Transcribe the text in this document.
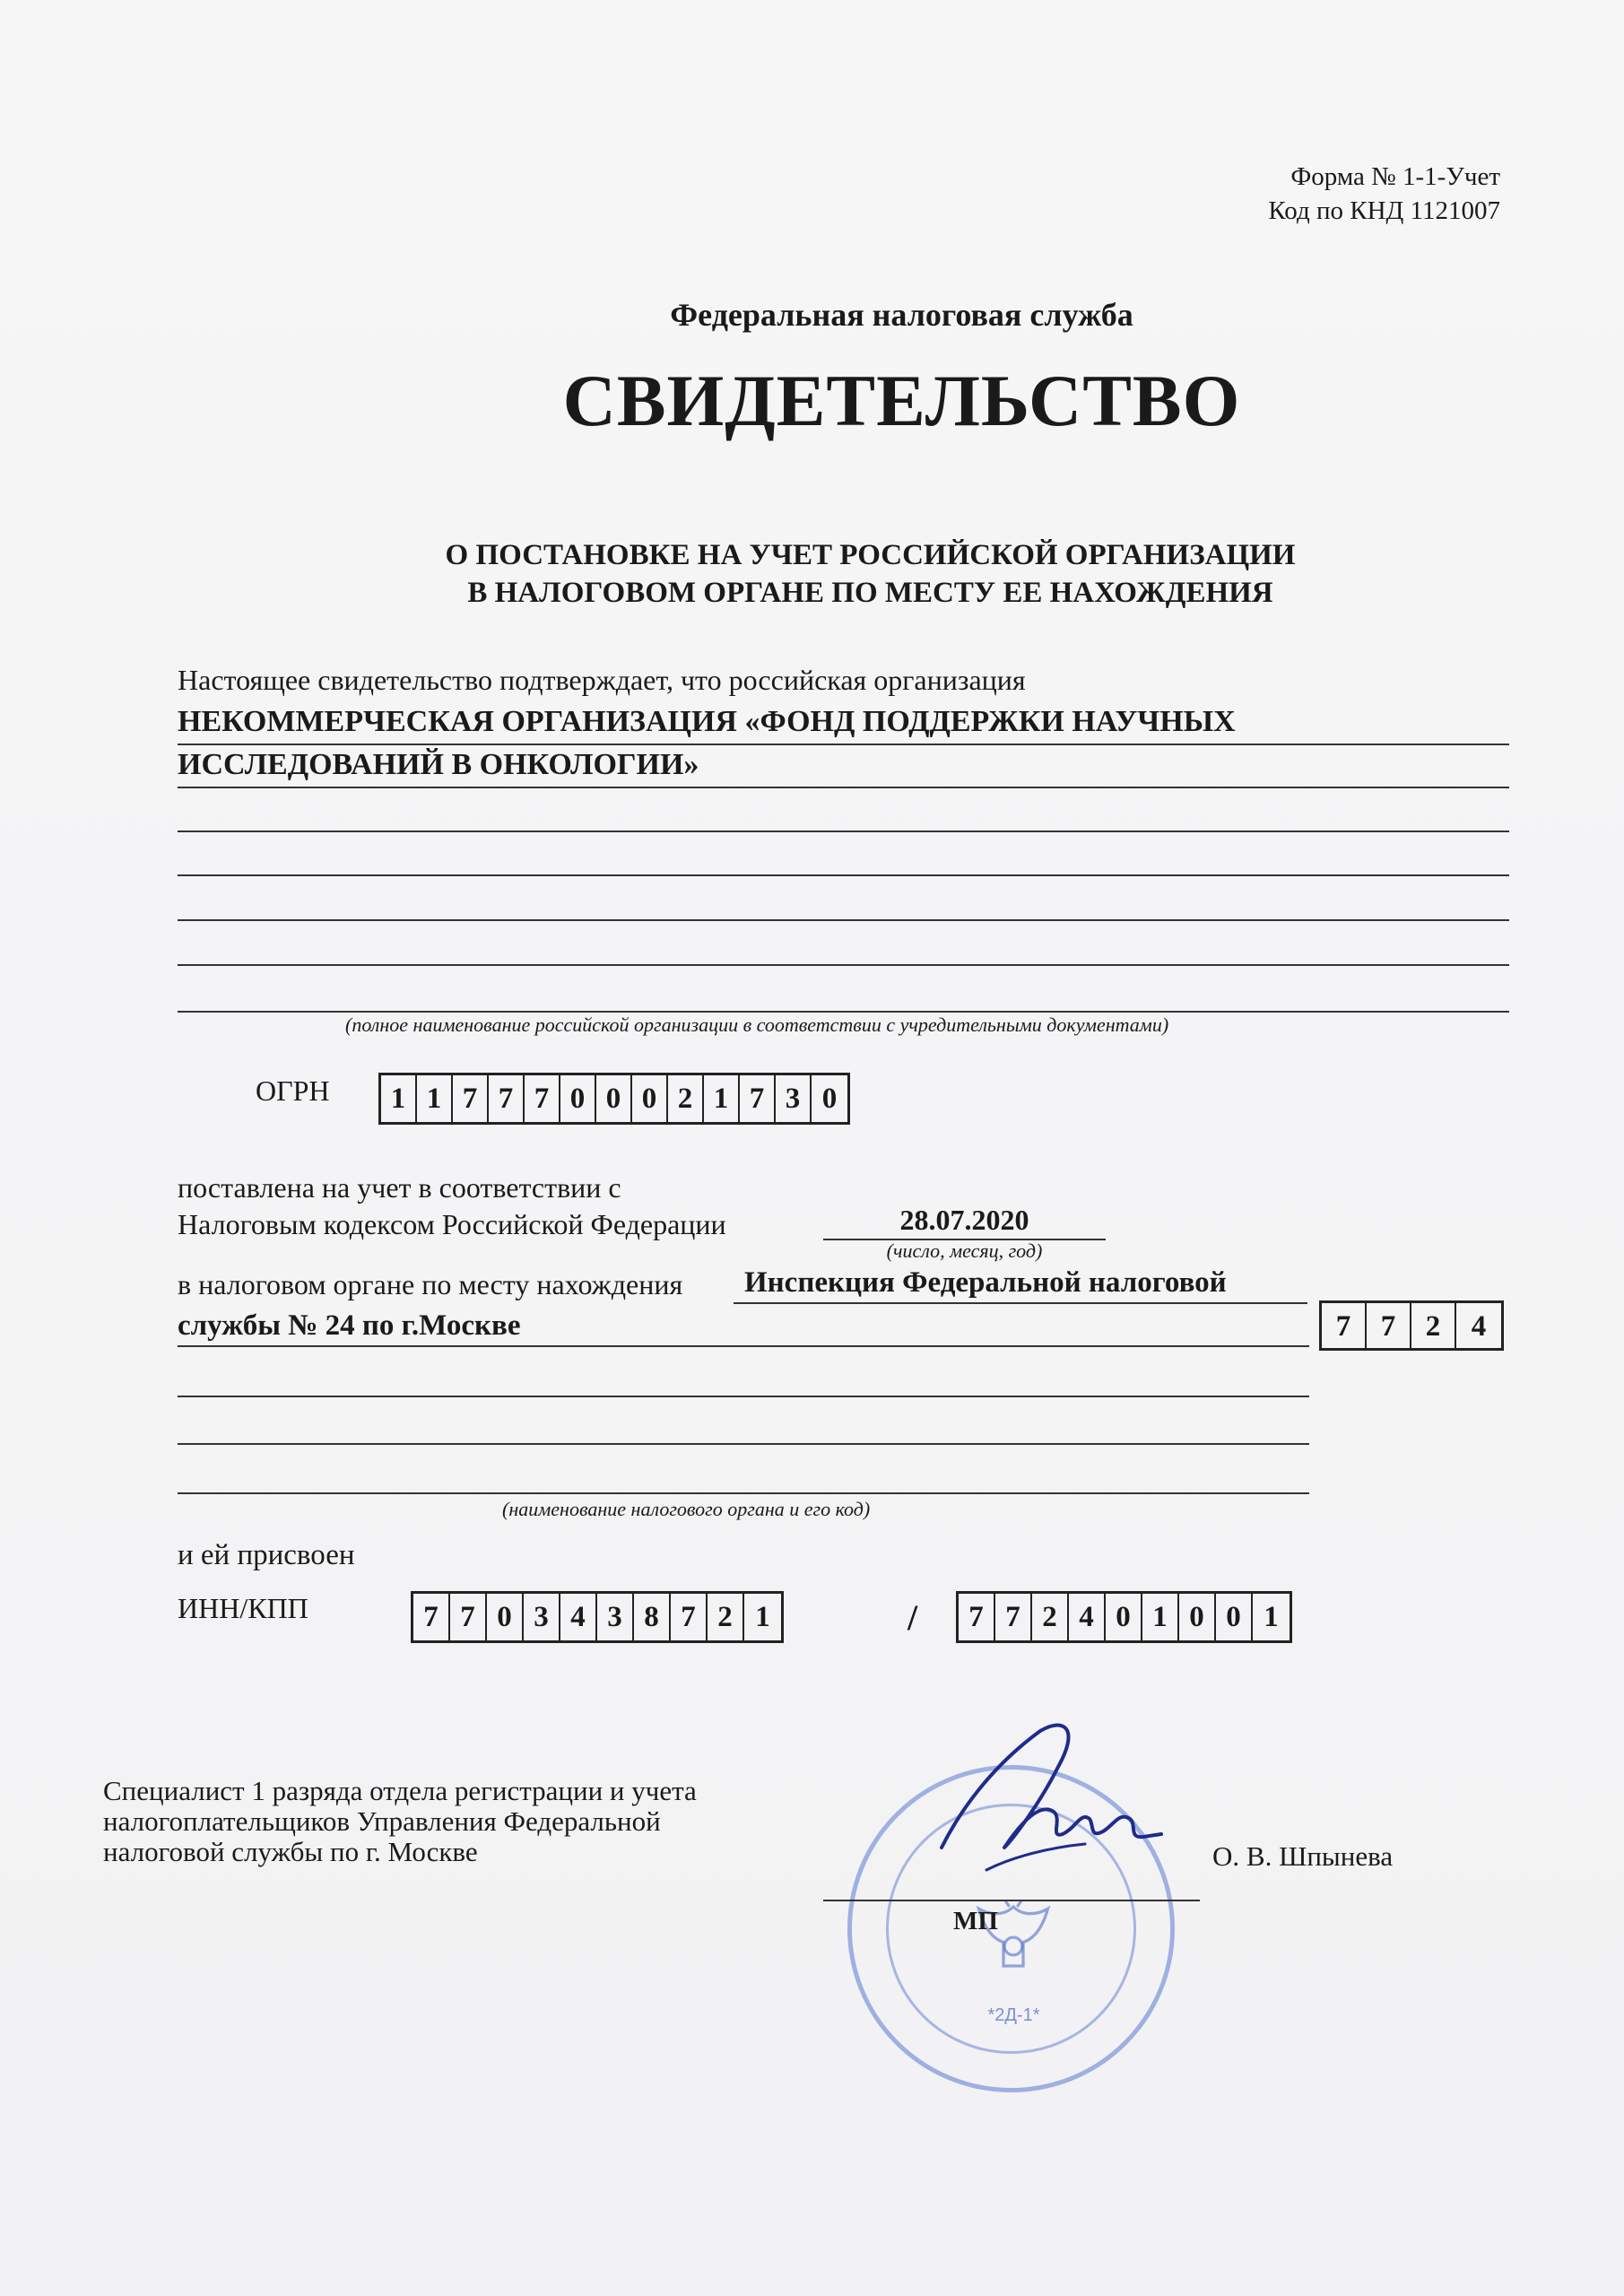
Форма № 1-1-Учет
Код по КНД 1121007
Федеральная налоговая служба
СВИДЕТЕЛЬСТВО
О ПОСТАНОВКЕ НА УЧЕТ РОССИЙСКОЙ ОРГАНИЗАЦИИ
В НАЛОГОВОМ ОРГАНЕ ПО МЕСТУ ЕЕ НАХОЖДЕНИЯ
Настоящее свидетельство подтверждает, что российская организация
НЕКОММЕРЧЕСКАЯ ОРГАНИЗАЦИЯ «ФОНД ПОДДЕРЖКИ НАУЧНЫХ
ИССЛЕДОВАНИЙ В ОНКОЛОГИИ»
(полное наименование российской организации в соответствии с учредительными документами)
ОГРН	1 1 7 7 7 0 0 0 2 1 7 3 0
поставлена на учет в соответствии с
Налоговым кодексом Российской Федерации	28.07.2020
(число, месяц, год)
в налоговом органе по месту нахождения Инспекция Федеральной налоговой
службы № 24 по г.Москве	7	7	2	4
(наименование налогового органа и его код)
и ей присвоен
ИНН/КПП	7 7 0 3 4 3 8 7 2 1	/	7 7 2 4 0 1 0 0 1
Специалист 1 разряда отдела регистрации и учета
налогоплательщиков Управления Федеральной
налоговой службы по г. Москве
*2Д-1*
МП
О. В. Шпынева
